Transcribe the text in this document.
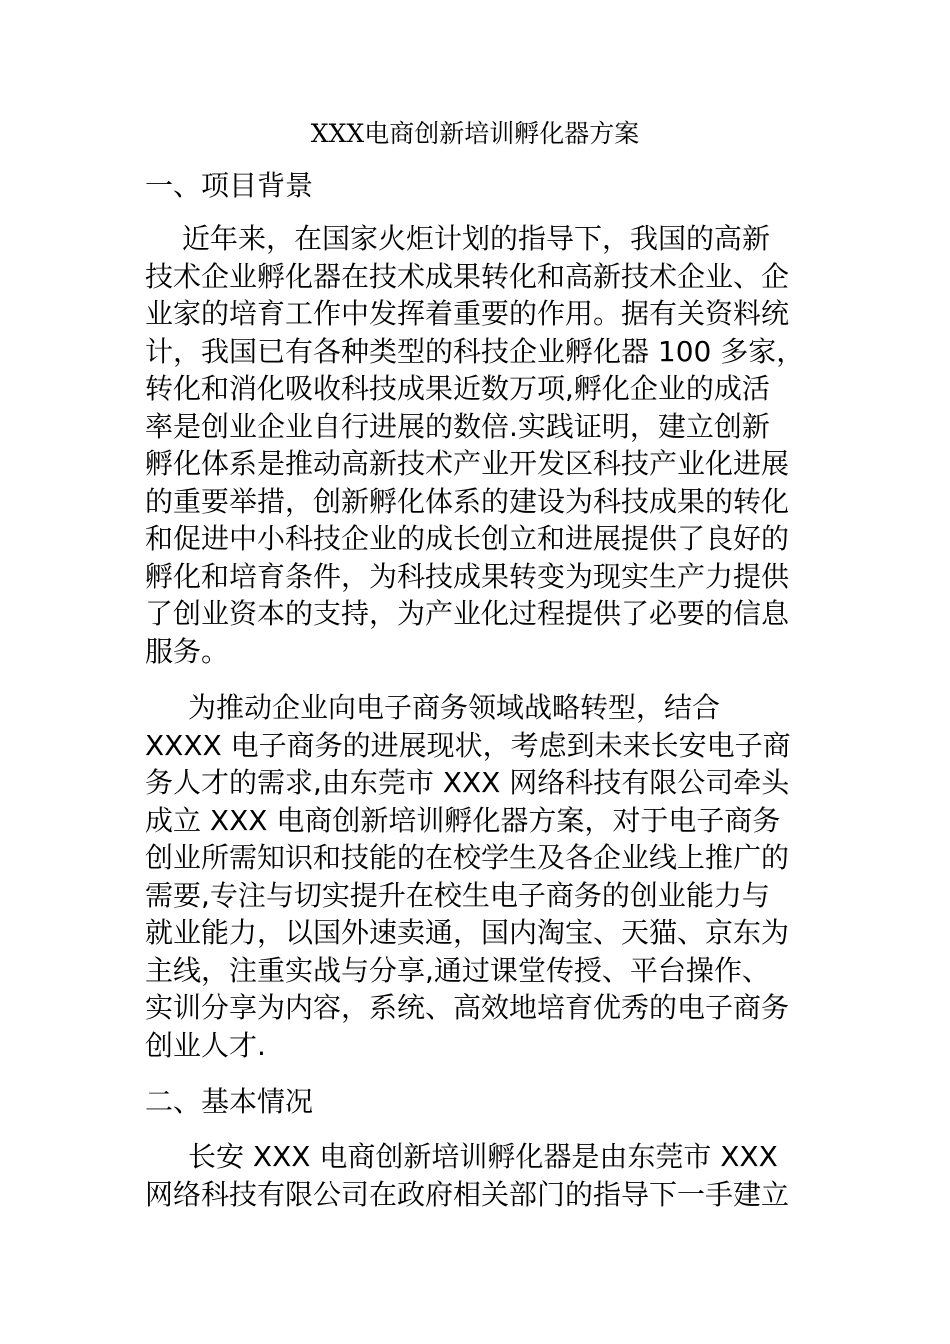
XXX电商创新培训孵化器方案
一、项目背景
近年来，在国家火炬计划的指导下，我国的高新
技术企业孵化器在技术成果转化和高新技术企业、企
业家的培育工作中发挥着重要的作用。据有关资料统
计，我国已有各种类型的科技企业孵化器 100 多家，
转化和消化吸收科技成果近数万项,孵化企业的成活
率是创业企业自行进展的数倍.实践证明，建立创新
孵化体系是推动高新技术产业开发区科技产业化进展
的重要举措，创新孵化体系的建设为科技成果的转化
和促进中小科技企业的成长创立和进展提供了良好的
孵化和培育条件，为科技成果转变为现实生产力提供
了创业资本的支持，为产业化过程提供了必要的信息
服务。
为推动企业向电子商务领域战略转型，结合
XXXX 电子商务的进展现状，考虑到未来长安电子商
务人才的需求,由东莞市 XXX 网络科技有限公司牵头
成立 XXX 电商创新培训孵化器方案，对于电子商务
创业所需知识和技能的在校学生及各企业线上推广的
需要,专注与切实提升在校生电子商务的创业能力与
就业能力，以国外速卖通，国内淘宝、天猫、京东为
主线，注重实战与分享,通过课堂传授、平台操作、
实训分享为内容，系统、高效地培育优秀的电子商务
创业人才.
二、基本情况
长安 XXX 电商创新培训孵化器是由东莞市 XXX
网络科技有限公司在政府相关部门的指导下一手建立
